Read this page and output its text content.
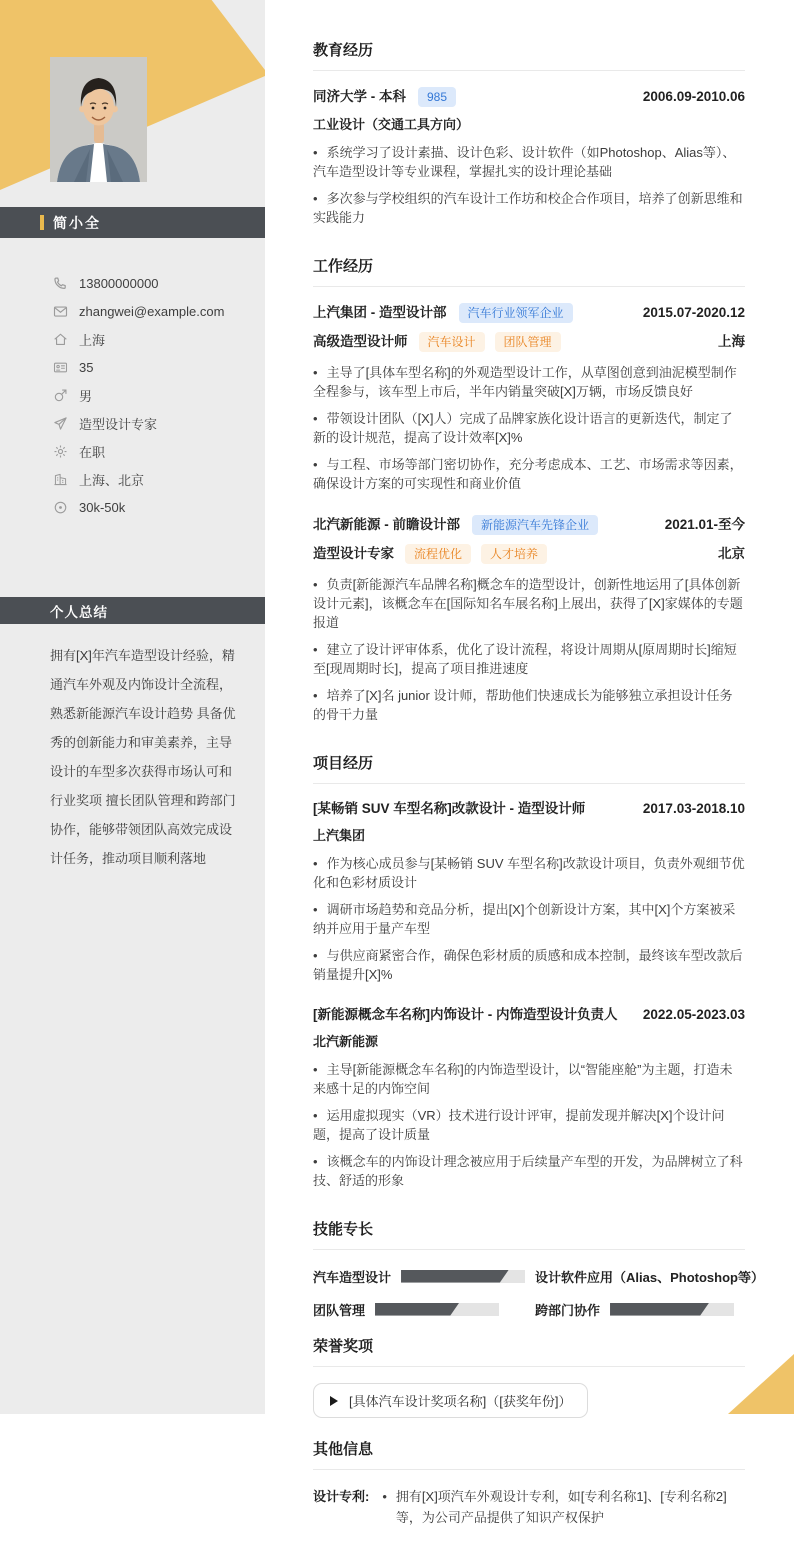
简小全
13800000000
zhangwei@example.com
上海
35
男
造型设计专家
在职
上海、北京
30k-50k
个人总结
拥有[X]年汽车造型设计经验，精通汽车外观及内饰设计全流程，熟悉新能源汽车设计趋势 具备优秀的创新能力和审美素养，主导设计的车型多次获得市场认可和行业奖项 擅长团队管理和跨部门协作，能够带领团队高效完成设计任务，推动项目顺利落地
教育经历
同济大学 - 本科	985	2006.09-2010.06
工业设计（交通工具方向）
• 系统学习了设计素描、设计色彩、设计软件（如Photoshop、Alias等）、汽车造型设计等专业课程，掌握扎实的设计理论基础
• 多次参与学校组织的汽车设计工作坊和校企合作项目，培养了创新思维和实践能力
工作经历
上汽集团 - 造型设计部	汽车行业领军企业	2015.07-2020.12
高级造型设计师	汽车设计	团队管理	上海
• 主导了[具体车型名称]的外观造型设计工作，从草图创意到油泥模型制作全程参与，该车型上市后，半年内销量突破[X]万辆，市场反馈良好
• 带领设计团队（[X]人）完成了品牌家族化设计语言的更新迭代，制定了新的设计规范，提高了设计效率[X]%
• 与工程、市场等部门密切协作，充分考虑成本、工艺、市场需求等因素，确保设计方案的可实现性和商业价值
北汽新能源 - 前瞻设计部	新能源汽车先锋企业	2021.01-至今
造型设计专家	流程优化	人才培养	北京
• 负责[新能源汽车品牌名称]概念车的造型设计，创新性地运用了[具体创新设计元素]，该概念车在[国际知名车展名称]上展出，获得了[X]家媒体的专题报道
• 建立了设计评审体系，优化了设计流程，将设计周期从[原周期时长]缩短至[现周期时长]，提高了项目推进速度
• 培养了[X]名 junior 设计师，帮助他们快速成长为能够独立承担设计任务的骨干力量
项目经历
[某畅销 SUV 车型名称]改款设计 - 造型设计师	2017.03-2018.10
上汽集团
• 作为核心成员参与[某畅销 SUV 车型名称]改款设计项目，负责外观细节优化和色彩材质设计
• 调研市场趋势和竞品分析，提出[X]个创新设计方案，其中[X]个方案被采纳并应用于量产车型
• 与供应商紧密合作，确保色彩材质的质感和成本控制，最终该车型改款后销量提升[X]%
[新能源概念车名称]内饰设计 - 内饰造型设计负责人 2022.05-2023.03
北汽新能源
• 主导[新能源概念车名称]的内饰造型设计，以“智能座舱”为主题，打造未来感十足的内饰空间
• 运用虚拟现实（VR）技术进行设计评审，提前发现并解决[X]个设计问题，提高了设计质量
• 该概念车的内饰设计理念被应用于后续量产车型的开发，为品牌树立了科技、舒适的形象
技能专长
汽车造型设计	设计软件应用（Alias、Photoshop等）
团队管理	跨部门协作
荣誉奖项
[具体汽车设计奖项名称]（[获奖年份]）
其他信息
设计专利: • 拥有[X]项汽车外观设计专利，如[专利名称1]、[专利名称2]等，为公司产品提供了知识产权保护
